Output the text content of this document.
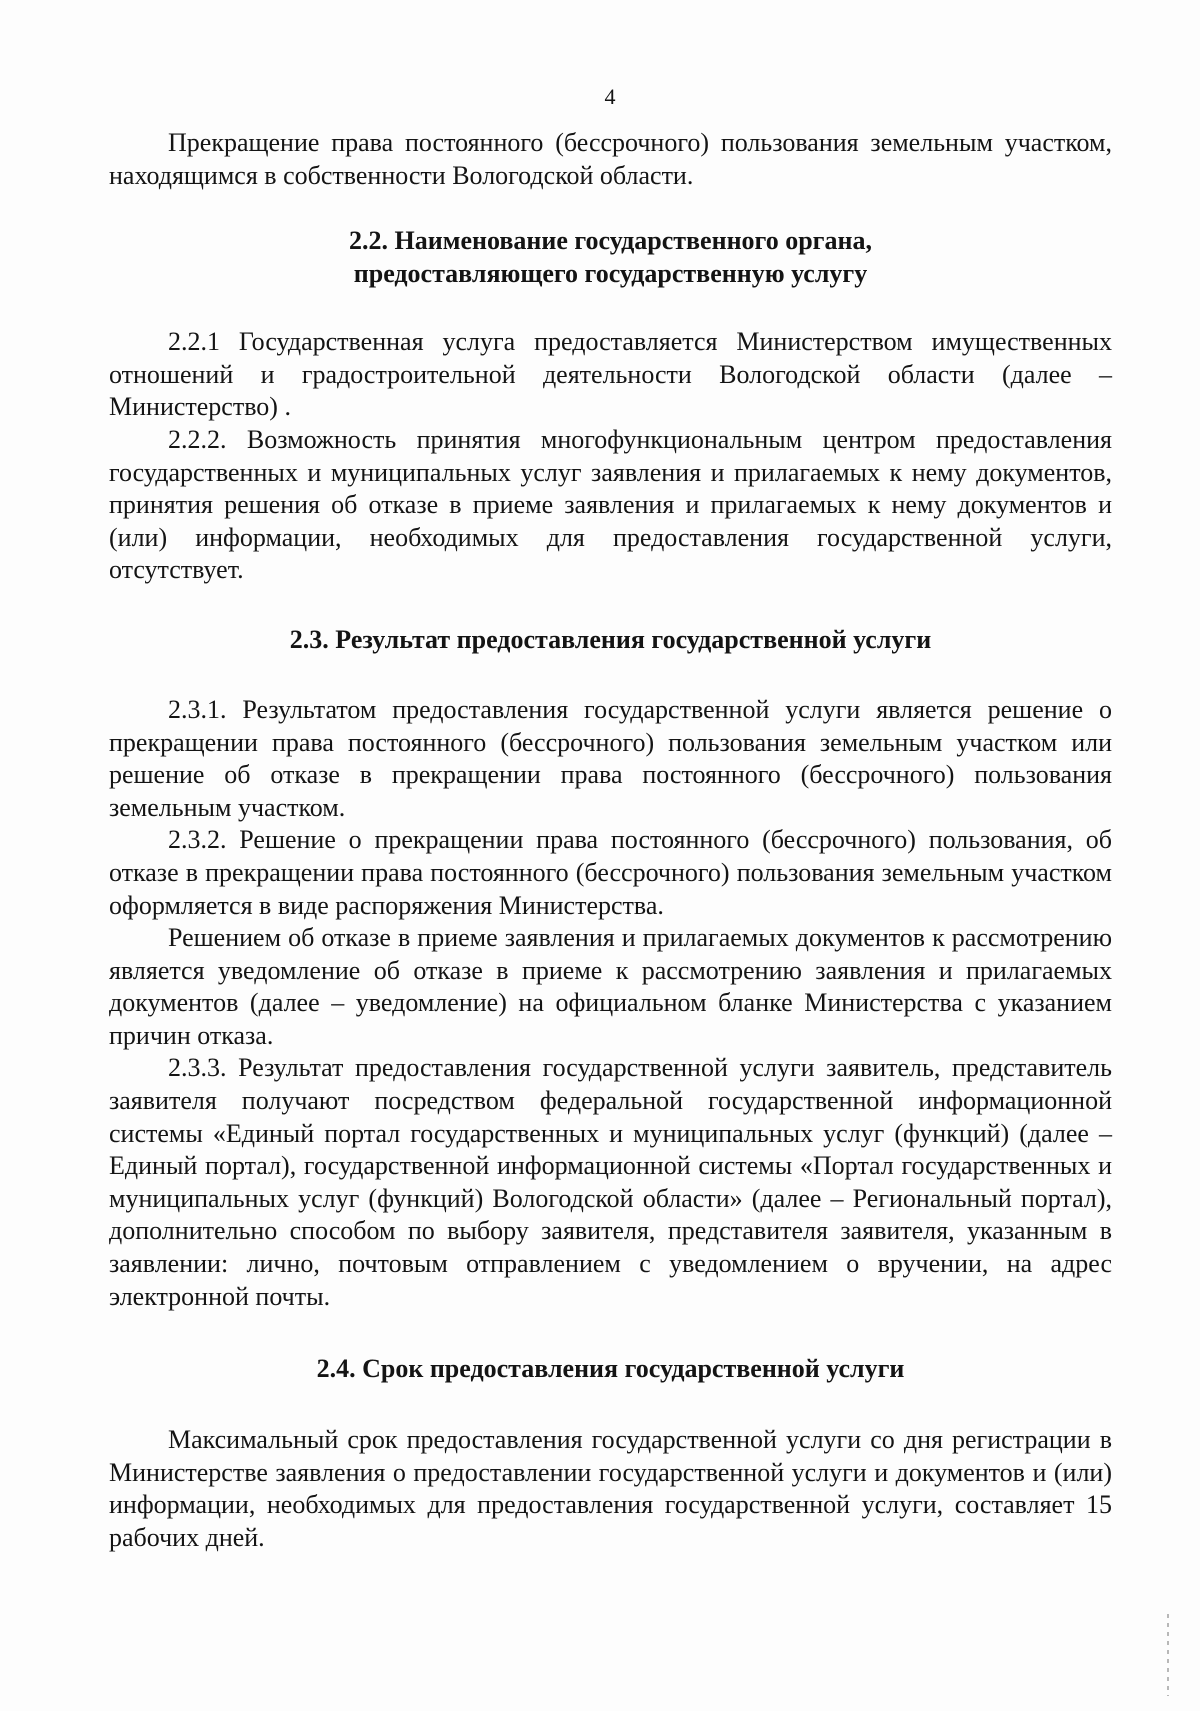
4

Прекращение права постоянного (бессрочного) пользования земельным участком, находящимся в собственности Вологодской области.

2.2. Наименование государственного органа,
предоставляющего государственную услугу

2.2.1 Государственная услуга предоставляется Министерством имущественных отношений и градостроительной деятельности Вологодской области (далее – Министерство) .

2.2.2. Возможность принятия многофункциональным центром предоставления государственных и муниципальных услуг заявления и прилагаемых к нему документов, принятия решения об отказе в приеме заявления и прилагаемых к нему документов и (или) информации, необходимых для предоставления государственной услуги, отсутствует.

2.3. Результат предоставления государственной услуги

2.3.1. Результатом предоставления государственной услуги является решение о прекращении права постоянного (бессрочного) пользования земельным участком или решение об отказе в прекращении права постоянного (бессрочного) пользования земельным участком.

2.3.2. Решение о прекращении права постоянного (бессрочного) пользования, об отказе в прекращении права постоянного (бессрочного) пользования земельным участком оформляется в виде распоряжения Министерства.

Решением об отказе в приеме заявления и прилагаемых документов к рассмотрению является уведомление об отказе в приеме к рассмотрению заявления и прилагаемых документов (далее – уведомление) на официальном бланке Министерства с указанием причин отказа.

2.3.3. Результат предоставления государственной услуги заявитель, представитель заявителя получают посредством федеральной государственной информационной системы «Единый портал государственных и муниципальных услуг (функций) (далее – Единый портал), государственной информационной системы «Портал государственных и муниципальных услуг (функций) Вологодской области» (далее – Региональный портал), дополнительно способом по выбору заявителя, представителя заявителя, указанным в заявлении: лично, почтовым отправлением с уведомлением о вручении, на адрес электронной почты.

2.4. Срок предоставления государственной услуги

Максимальный срок предоставления государственной услуги со дня регистрации в Министерстве заявления о предоставлении государственной услуги и документов и (или) информации, необходимых для предоставления государственной услуги, составляет 15 рабочих дней.
